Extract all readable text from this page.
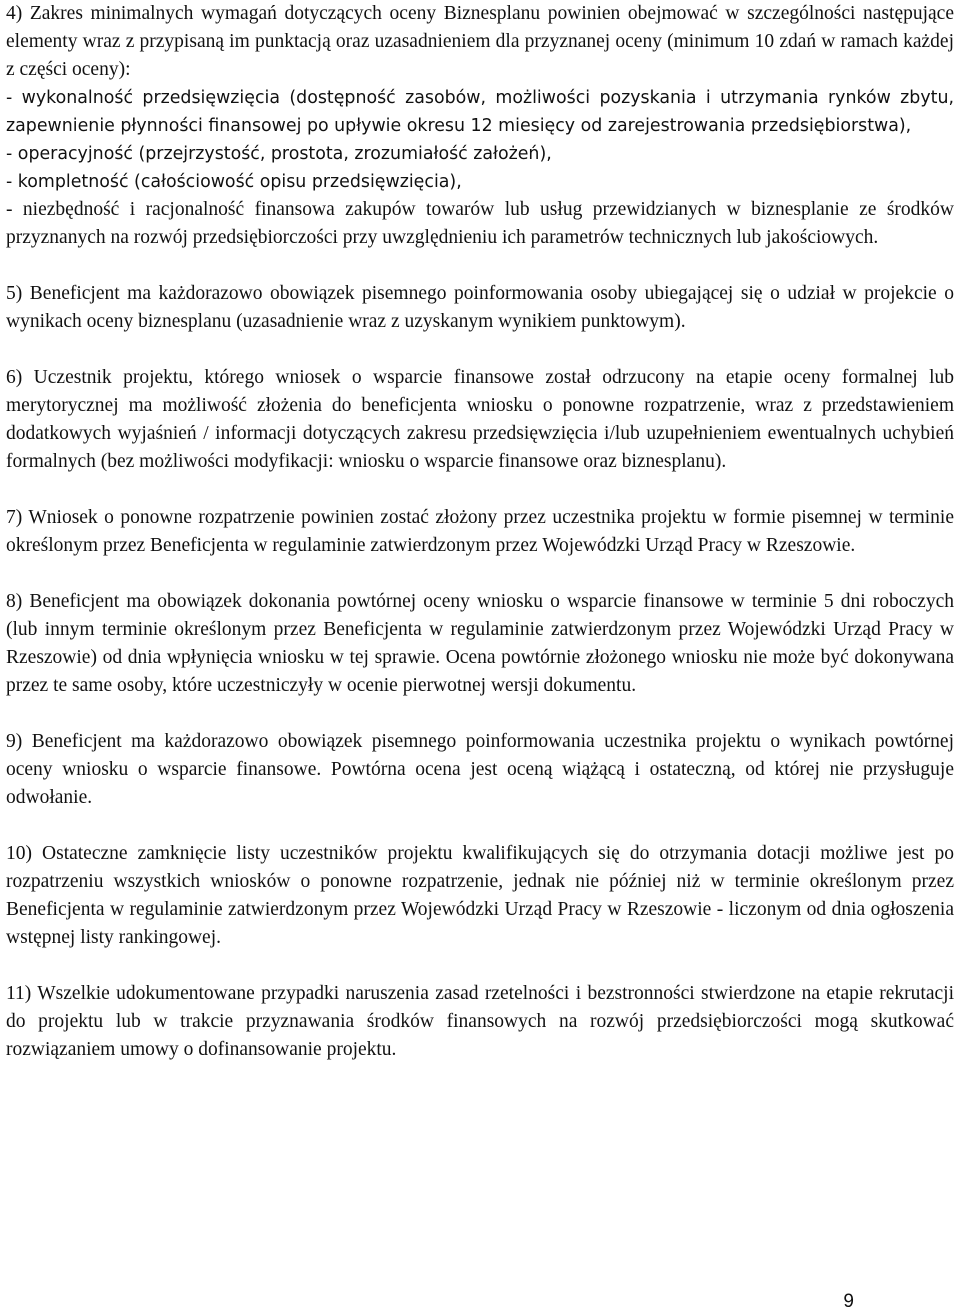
4) Zakres minimalnych wymagań dotyczących oceny Biznesplanu powinien obejmować w szczególności następujące elementy wraz z przypisaną im punktacją oraz uzasadnieniem dla przyznanej oceny (minimum 10 zdań w ramach każdej z części oceny):

- wykonalność przedsięwzięcia (dostępność zasobów, możliwości pozyskania i utrzymania rynków zbytu, zapewnienie płynności finansowej po upływie okresu 12 miesięcy od zarejestrowania przedsiębiorstwa),

- operacyjność (przejrzystość, prostota, zrozumiałość założeń),

- kompletność (całościowość opisu przedsięwzięcia),

- niezbędność i racjonalność finansowa zakupów towarów lub usług przewidzianych w biznesplanie ze środków przyznanych na rozwój przedsiębiorczości przy uwzględnieniu ich parametrów technicznych lub jakościowych.

5) Beneficjent ma każdorazowo obowiązek pisemnego poinformowania osoby ubiegającej się o udział w projekcie o wynikach oceny biznesplanu (uzasadnienie wraz z uzyskanym wynikiem punktowym).

6) Uczestnik projektu, którego wniosek o wsparcie finansowe został odrzucony na etapie oceny formalnej lub merytorycznej ma możliwość złożenia do beneficjenta wniosku o ponowne rozpatrzenie, wraz z przedstawieniem dodatkowych wyjaśnień / informacji dotyczących zakresu przedsięwzięcia i/lub uzupełnieniem ewentualnych uchybień formalnych (bez możliwości modyfikacji: wniosku o wsparcie finansowe oraz biznesplanu).

7) Wniosek o ponowne rozpatrzenie powinien zostać złożony przez uczestnika projektu w formie pisemnej w terminie określonym przez Beneficjenta w regulaminie zatwierdzonym przez Wojewódzki Urząd Pracy w Rzeszowie.

8) Beneficjent ma obowiązek dokonania powtórnej oceny wniosku o wsparcie finansowe w terminie 5 dni roboczych (lub innym terminie określonym przez Beneficjenta w regulaminie zatwierdzonym przez Wojewódzki Urząd Pracy w Rzeszowie) od dnia wpłynięcia wniosku w tej sprawie. Ocena powtórnie złożonego wniosku nie może być dokonywana przez te same osoby, które uczestniczyły w ocenie pierwotnej wersji dokumentu.

9) Beneficjent ma każdorazowo obowiązek pisemnego poinformowania uczestnika projektu o wynikach powtórnej oceny wniosku o wsparcie finansowe. Powtórna ocena jest oceną wiążącą i ostateczną, od której nie przysługuje odwołanie.

10) Ostateczne zamknięcie listy uczestników projektu kwalifikujących się do otrzymania dotacji możliwe jest po rozpatrzeniu wszystkich wniosków o ponowne rozpatrzenie, jednak nie później niż w terminie określonym przez Beneficjenta w regulaminie zatwierdzonym przez Wojewódzki Urząd Pracy w Rzeszowie - liczonym od dnia ogłoszenia wstępnej listy rankingowej.

11) Wszelkie udokumentowane przypadki naruszenia zasad rzetelności i bezstronności stwierdzone na etapie rekrutacji do projektu lub w trakcie przyznawania środków finansowych na rozwój przedsiębiorczości mogą skutkować rozwiązaniem umowy o dofinansowanie projektu.

9
